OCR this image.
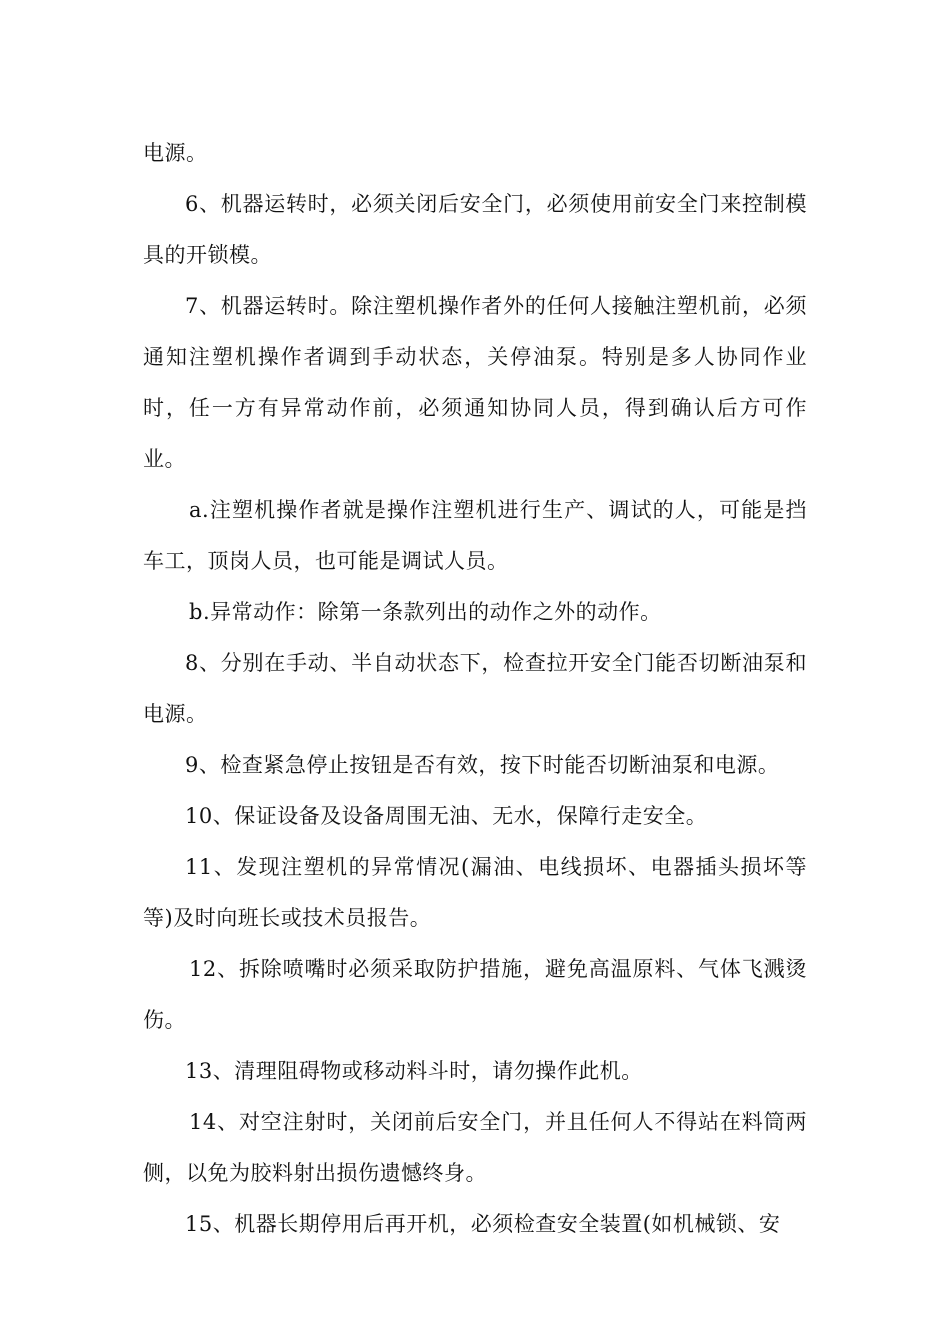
电源。

6、机器运转时，必须关闭后安全门，必须使用前安全门来控制模具的开锁模。

7、机器运转时。除注塑机操作者外的任何人接触注塑机前，必须通知注塑机操作者调到手动状态，关停油泵。特别是多人协同作业时，任一方有异常动作前，必须通知协同人员，得到确认后方可作业。

a.注塑机操作者就是操作注塑机进行生产、调试的人，可能是挡车工，顶岗人员，也可能是调试人员。

b.异常动作：除第一条款列出的动作之外的动作。

8、分别在手动、半自动状态下，检查拉开安全门能否切断油泵和电源。

9、检查紧急停止按钮是否有效，按下时能否切断油泵和电源。

10、保证设备及设备周围无油、无水，保障行走安全。

11、发现注塑机的异常情况(漏油、电线损坏、电器插头损坏等等)及时向班长或技术员报告。

12、拆除喷嘴时必须采取防护措施，避免高温原料、气体飞溅烫伤。

13、清理阻碍物或移动料斗时，请勿操作此机。

14、对空注射时，关闭前后安全门，并且任何人不得站在料筒两侧，以免为胶料射出损伤遗憾终身。

15、机器长期停用后再开机，必须检查安全装置(如机械锁、安
